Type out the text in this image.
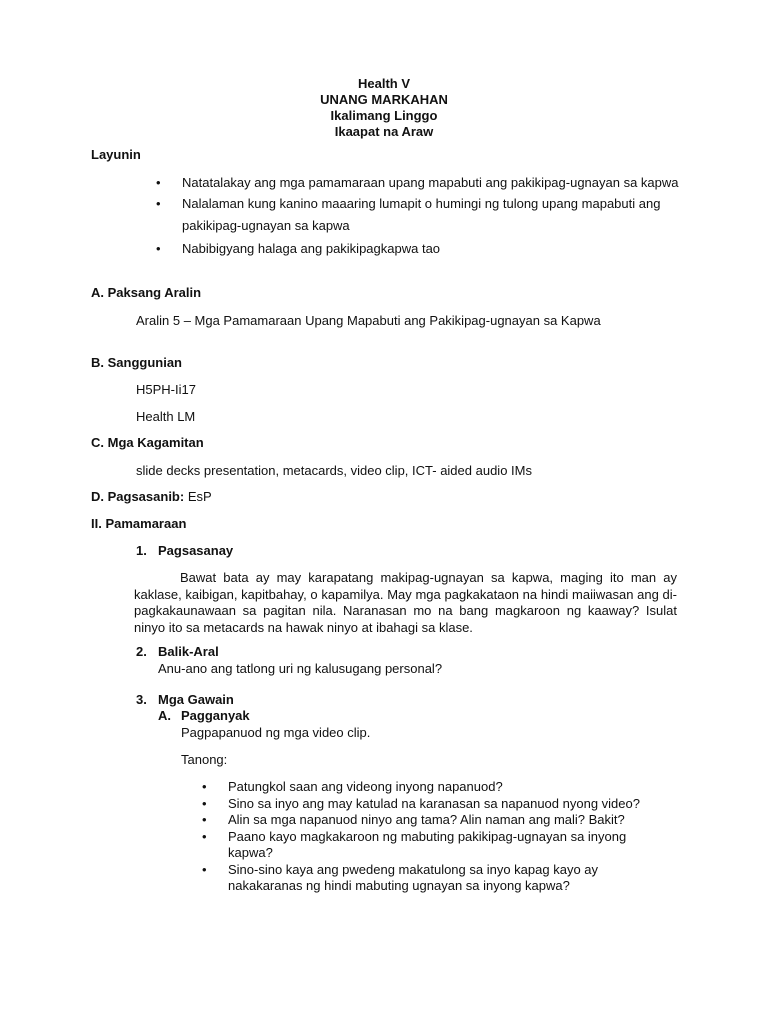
Health V
UNANG MARKAHAN
Ikalimang Linggo
Ikaapat na Araw
Layunin
• Natatalakay ang mga pamamaraan upang mapabuti ang pakikipag-ugnayan sa kapwa
• Nalalaman kung kanino maaaring lumapit o humingi ng tulong upang mapabuti ang pakikipag-ugnayan sa kapwa
• Nabibigyang halaga ang pakikipagkapwa tao
A. Paksang Aralin
Aralin 5 – Mga Pamamaraan Upang Mapabuti ang Pakikipag-ugnayan sa Kapwa
B. Sanggunian
H5PH-Ii17
Health LM
C. Mga Kagamitan
slide decks presentation, metacards, video clip, ICT- aided audio IMs
D. Pagsasanib: EsP
II. Pamamaraan
1. Pagsasanay
Bawat bata ay may karapatang makipag-ugnayan sa kapwa, maging ito man ay kaklase, kaibigan, kapitbahay, o kapamilya. May mga pagkakataon na hindi maiiwasan ang di-pagkakaunawaan sa pagitan nila. Naranasan mo na bang magkaroon ng kaaway? Isulat ninyo ito sa metacards na hawak ninyo at ibahagi sa klase.
2. Balik-Aral
Anu-ano ang tatlong uri ng kalusugang personal?
3. Mga Gawain
A. Pagganyak
Pagpapanuod ng mga video clip.
Tanong:
• Patungkol saan ang videong inyong napanuod?
• Sino sa inyo ang may katulad na karanasan sa napanuod nyong video?
• Alin sa mga napanuod ninyo ang tama? Alin naman ang mali? Bakit?
• Paano kayo magkakaroon ng mabuting pakikipag-ugnayan sa inyong kapwa?
• Sino-sino kaya ang pwedeng makatulong sa inyo kapag kayo ay nakakaranas ng hindi mabuting ugnayan sa inyong kapwa?
